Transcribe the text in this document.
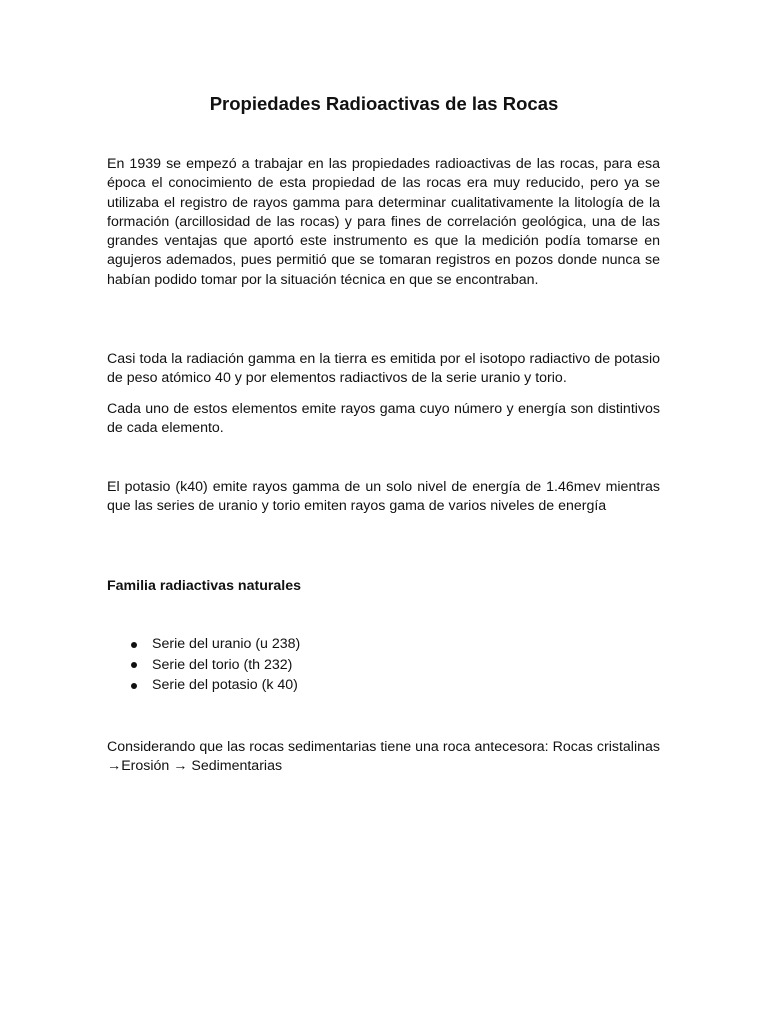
Propiedades Radioactivas de las Rocas

En 1939 se empezó a trabajar en las propiedades radioactivas de las rocas, para esa época el conocimiento de esta propiedad de las rocas era muy reducido, pero ya se utilizaba el registro de rayos gamma para determinar cualitativamente la litología de la formación (arcillosidad de las rocas) y para fines de correlación geológica, una de las grandes ventajas que aportó este instrumento es que la medición podía tomarse en agujeros ademados, pues permitió que se tomaran registros en pozos donde nunca se habían podido tomar por la situación técnica en que se encontraban.

Casi toda la radiación gamma en la tierra es emitida por el isotopo radiactivo de potasio de peso atómico 40 y por elementos radiactivos de la serie uranio y torio.

Cada uno de estos elementos emite rayos gama cuyo número y energía son distintivos de cada elemento.

El potasio (k40) emite rayos gamma de un solo nivel de energía de 1.46mev mientras que las series de uranio y torio emiten rayos gama de varios niveles de energía

Familia radiactivas naturales
Serie del uranio (u 238)
Serie del torio (th 232)
Serie del potasio (k 40)

Considerando que las rocas sedimentarias tiene una roca antecesora: Rocas cristalinas →Erosión → Sedimentarias
